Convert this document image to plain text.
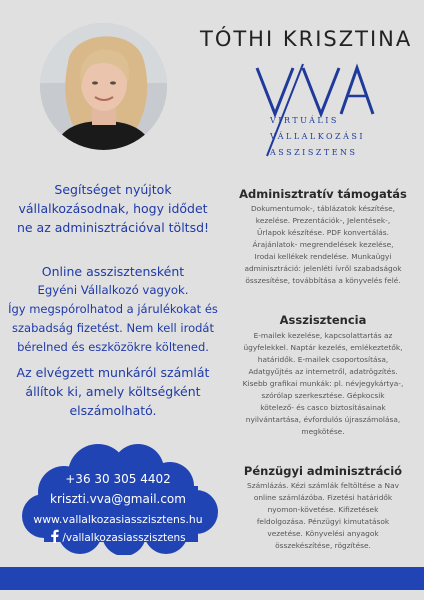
TÓTHI KRISZTINA
VIRTUÁLIS
VÁLLALKOZÁSI
ASSZISZTENS
Segítséget nyújtok
vállalkozásodnak, hogy idődet
ne az adminisztrációval töltsd!
Online asszisztensként
Egyéni Vállalkozó vagyok.
Így megspórolhatod a járulékokat és
szabadság fizetést. Nem kell irodát
bérelned és eszközökre költened.
Az elvégzett munkáról számlát
állítok ki, amely költségként
elszámolható.
Adminisztratív támogatás
Dokumentumok-, táblázatok készítése,
kezelése. Prezentációk-, Jelentések-,
Űrlapok készítése. PDF konvertálás.
Árajánlatok- megrendelések kezelése,
Irodai kellékek rendelése. Munkaügyi
adminisztráció: jelenléti ívről szabadságok
összesítése, továbbítása a könyvelés felé.
Asszisztencia
E-mailek kezelése, kapcsolattartás az
ügyfelekkel. Naptár kezelés, emlékeztetők,
határidők. E-mailek csoportosítása,
Adatgyűjtés az internetről, adatrögzítés.
Kisebb grafikai munkák: pl. névjegykártya-,
szórólap szerkesztése. Gépkocsik
kötelező- és casco biztosításainak
nyilvántartása, évfordulós újraszámolása,
megkötése.
Pénzügyi adminisztráció
Számlázás. Kézi számlák feltöltése a Nav
online számlázóba. Fizetési határidők
nyomon-követése. Kifizetések
feldolgozása. Pénzügyi kimutatások
vezetése. Könyvelési anyagok
összekészítése, rögzítése.
+36 30 305 4402
kriszti.vva@gmail.com
www.vallalkozasiasszisztens.hu
/vallalkozasiasszisztens
